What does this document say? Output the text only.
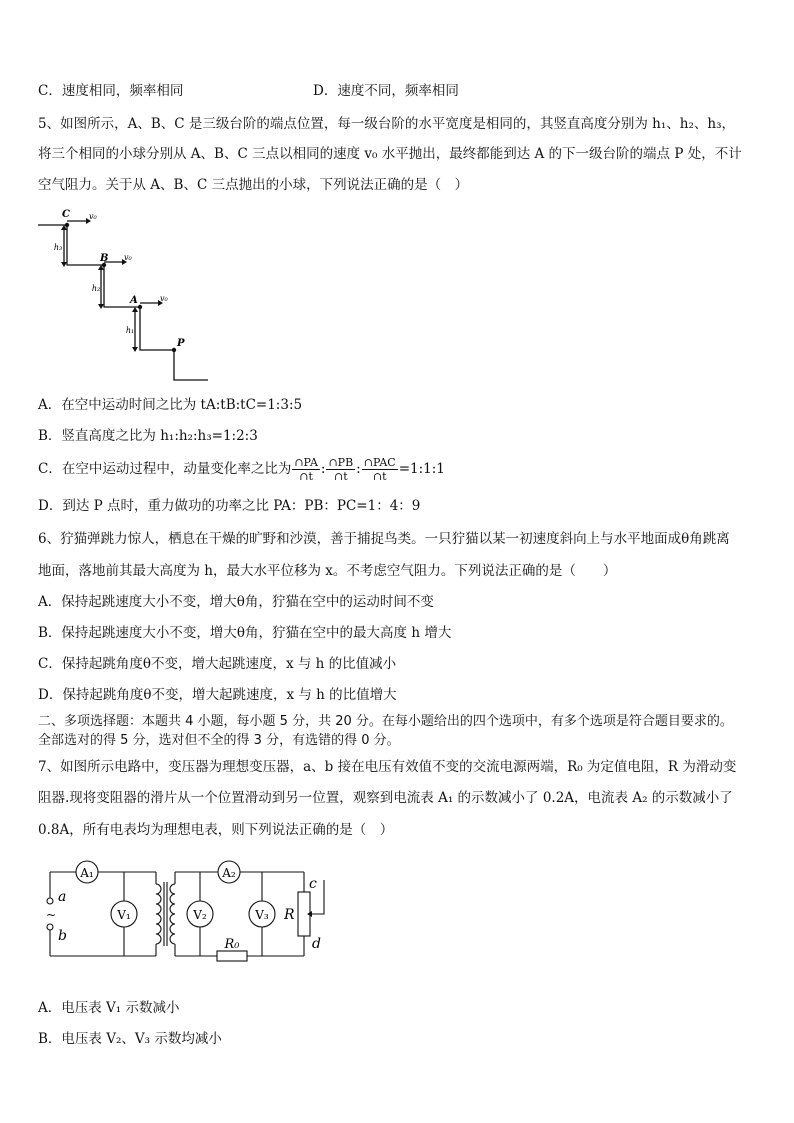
C．速度相同，频率相同	D．速度不同，频率相同
5、如图所示，A、B、C 是三级台阶的端点位置，每一级台阶的水平宽度是相同的，其竖直高度分别为 h₁、h₂、h₃，
将三个相同的小球分别从 A、B、C 三点以相同的速度 v₀ 水平抛出，最终都能到达 A 的下一级台阶的端点 P 处，不计
空气阻力。关于从 A、B、C 三点抛出的小球，下列说法正确的是（　）
C
B
A
P
v₀
v₀
v₀
h₃
h₂
h₁
A．在空中运动时间之比为 tA:tB:tC=1:3:5
B．竖直高度之比为 h₁:h₂:h₃=1:2:3
C．在空中运动过程中，动量变化率之比为 $\frac{\cap PA}{\cap t}$ : $\frac{\cap PB}{\cap t}$ : $\frac{\text{∩PAC}}{\cap t}$ =1:1:1
D．到达 P 点时，重力做功的功率之比 PA：PB：PC=1：4：9
6、狞猫弹跳力惊人，栖息在干燥的旷野和沙漠，善于捕捉鸟类。一只狞猫以某一初速度斜向上与水平地面成θ角跳离
地面，落地前其最大高度为 h，最大水平位移为 x。不考虑空气阻力。下列说法正确的是（　　）
A．保持起跳速度大小不变，增大θ角，狞猫在空中的运动时间不变
B．保持起跳速度大小不变，增大θ角，狞猫在空中的最大高度 h 增大
C．保持起跳角度θ不变，增大起跳速度，x 与 h 的比值减小
D．保持起跳角度θ不变，增大起跳速度，x 与 h 的比值增大
二、多项选择题：本题共 4 小题，每小题 5 分，共 20 分。在每小题给出的四个选项中，有多个选项是符合题目要求的。
全部选对的得 5 分，选对但不全的得 3 分，有选错的得 0 分。
7、如图所示电路中，变压器为理想变压器，a、b 接在电压有效值不变的交流电源两端，R₀ 为定值电阻，R 为滑动变
阻器.现将变阻器的滑片从一个位置滑动到另一位置，观察到电流表 A₁ 的示数减小了 0.2A，电流表 A₂ 的示数减小了
0.8A，所有电表均为理想电表，则下列说法正确的是（　）
A₁	A₂
V₁	V₂	V₃
a
~
b
R₀
R
c
d
A．电压表 V₁ 示数减小
B．电压表 V₂、V₃ 示数均减小
